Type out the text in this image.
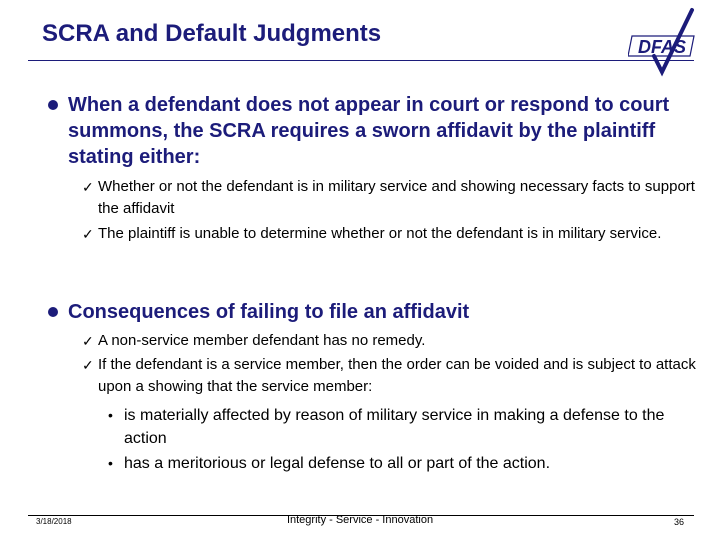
SCRA and Default Judgments	DFAS
When a defendant does not appear in court or respond to court summons, the SCRA requires a sworn affidavit by the plaintiff stating either:
✓ Whether or not the defendant is in military service and showing necessary facts to support the affidavit
✓ The plaintiff is unable to determine whether or not the defendant is in military service.
Consequences of failing to file an affidavit
✓ A non-service member defendant has no remedy.
✓ If the defendant is a service member, then the order can be voided and is subject to attack upon a showing that the service member:
• is materially affected by reason of military service in making a defense to the action
• has a meritorious or legal defense to all or part of the action.
3/18/2018	Integrity - Service - Innovation	36
